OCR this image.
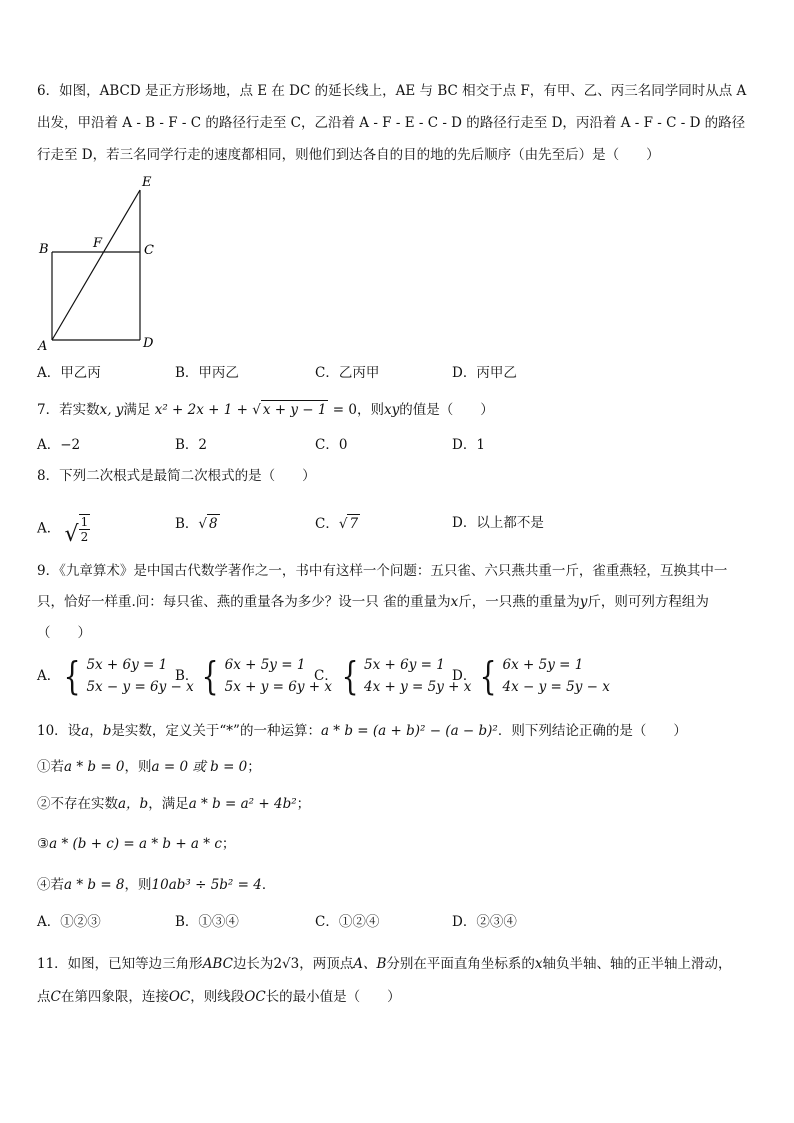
6．如图，ABCD 是正方形场地，点 E 在 DC 的延长线上，AE 与 BC 相交于点 F，有甲、乙、丙三名同学同时从点 A
出发，甲沿着 A - B - F - C 的路径行走至 C，乙沿着 A - F - E - C - D 的路径行走至 D，丙沿着 A - F - C - D 的路径
行走至 D，若三名同学行走的速度都相同，则他们到达各自的目的地的先后顺序（由先至后）是（　　）
E
B	F	C
A	D
A．甲乙丙	B．甲丙乙	C．乙丙甲	D．丙甲乙
7．若实数x, y满足 x² + 2x + 1 + √ x + y − 1 = 0，则xy的值是（　　）
A．−2	B．2	C．0	D．1
8．下列二次根式是最简二次根式的是（　　）
A． √ $\frac{1}{2}$	B． √ 8	C． √ 7	D．以上都不是
9．《九章算术》是中国古代数学著作之一，书中有这样一个问题：五只雀、六只燕共重一斤，雀重燕轻，互换其中一
只，恰好一样重.问：每只雀、燕的重量各为多少？设一只 雀的重量为x斤，一只燕的重量为y斤，则可列方程组为
（　　）
A． { 5x + 6y = 1
5x − y = 6y − x
B． { 6x + 5y = 1
5x + y = 6y + x
C． { 5x + 6y = 1
4x + y = 5y + x
D． { 6x + 5y = 1
4x − y = 5y − x
10．设a，b是实数，定义关于“*”的一种运算：a * b = (a + b)² − (a − b)²．则下列结论正确的是（　　）
①若a * b = 0，则a = 0 或 b = 0；
②不存在实数a，b，满足a * b = a² + 4b²；
③a * (b + c) = a * b + a * c；
④若a * b = 8，则10ab³ ÷ 5b² = 4．
A．①②③	B．①③④	C．①②④	D．②③④
11．如图，已知等边三角形ABC边长为2√3，两顶点A、B分别在平面直角坐标系的x轴负半轴、轴的正半轴上滑动，
点C在第四象限，连接OC，则线段OC长的最小值是（　　）
